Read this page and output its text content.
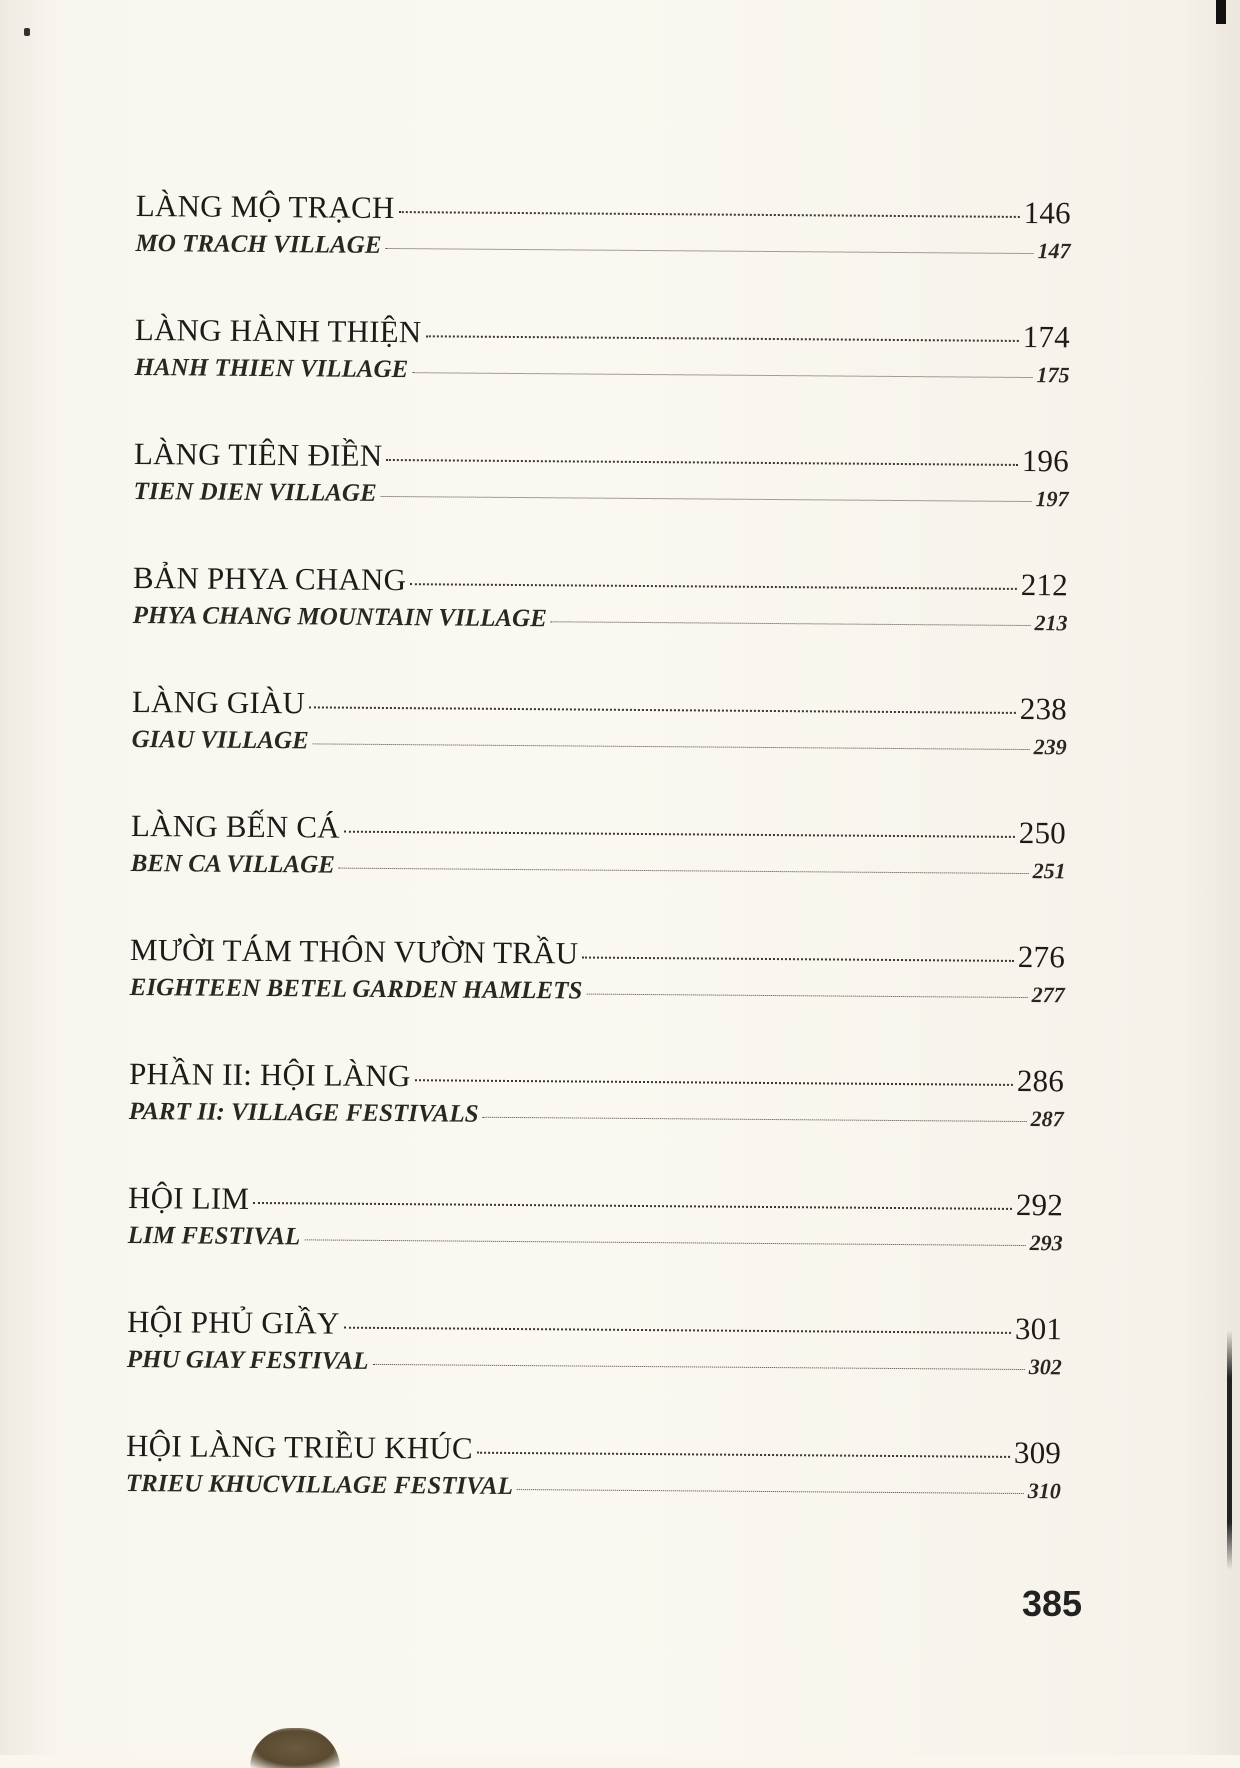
LÀNG MỘ TRẠCH	146
MO TRACH VILLAGE	147
LÀNG HÀNH THIỆN	174
HANH THIEN VILLAGE	175
LÀNG TIÊN ĐIỀN	196
TIEN DIEN VILLAGE	197
BẢN PHYA CHANG	212
PHYA CHANG MOUNTAIN VILLAGE	213
LÀNG GIÀU	238
GIAU VILLAGE	239
LÀNG BẾN CÁ	250
BEN CA VILLAGE	251
MƯỜI TÁM THÔN VƯỜN TRẦU	276
EIGHTEEN BETEL GARDEN HAMLETS	277
PHẦN II: HỘI LÀNG	286
PART II: VILLAGE FESTIVALS	287
HỘI LIM	292
LIM FESTIVAL	293
HỘI PHỦ GIẦY	301
PHU GIAY FESTIVAL	302
HỘI LÀNG TRIỀU KHÚC	309
TRIEU KHUCVILLAGE FESTIVAL	310
385
